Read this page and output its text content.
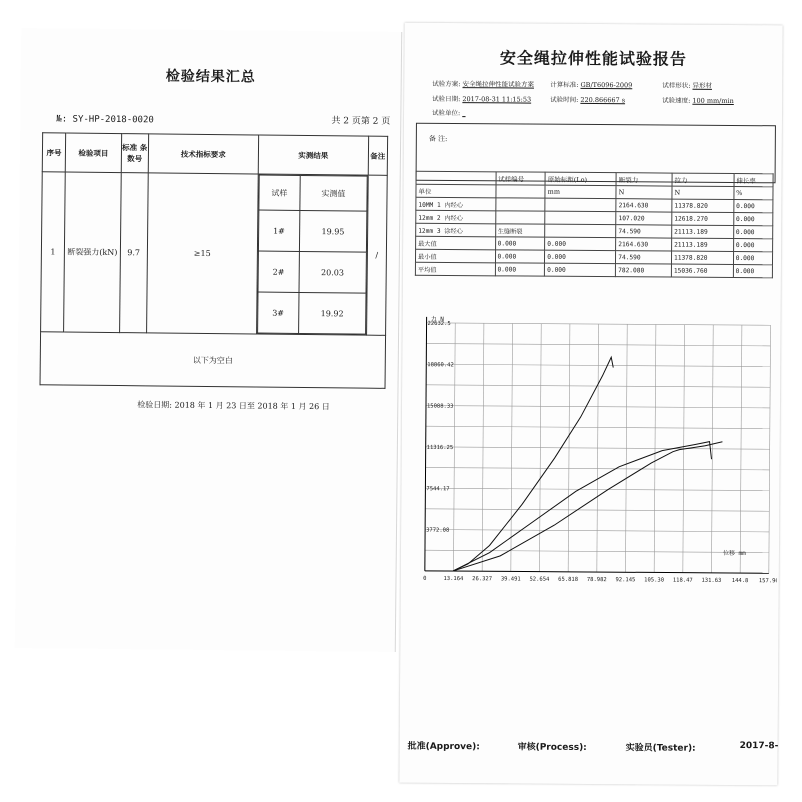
检验结果汇总
№: SY-HP-2018-0020	共 2 页第 2 页
序号	检验项目	标准 条数号	技术指标要求	实测结果	备注
1	断裂强力(kN)	9.7	≥15	
试样	实测值
1#	19.95
2#	20.03
3#	19.92
	/
以下为空白
检验日期: 2018 年 1 月 23 日至 2018 年 1 月 26 日
安全绳拉伸性能试验报告
试验方案: 安全绳拉伸性能试验方案 计算标准: GB/T6096-2009	试样形状: 异形材
试验日期: 2017-08-31 11:15:53	试验时间: 220.866667 s	试验速度: 100 mm/min
试验单位: _
备 注:
	试样编号	原始标距(Lo)	断裂力	拉力	伸长率
单位		mm	N	N	%
10MM 1 内经心			2164.630	11378.820	0.000
12mm 2 内经心			107.020	12618.270	0.000
12mm 3 涂经心	生缝断裂		74.590	21113.189	0.000
最大值	0.000	0.000	2164.630	21113.189	0.000
最小值	0.000	0.000	74.590	11378.820	0.000
平均值	0.000	0.000	782.080	15036.760	0.000
0	13.164 26.327 39.491 52.654 65.818 78.982 92.145 105.30 118.47 131.63 144.8 157.96
3772.08
7544.17
11316.25
15088.33
18860.42
22632.5
力 N
位移 mm
批准(Approve):	审核(Process):	实验员(Tester):	2017-8-
